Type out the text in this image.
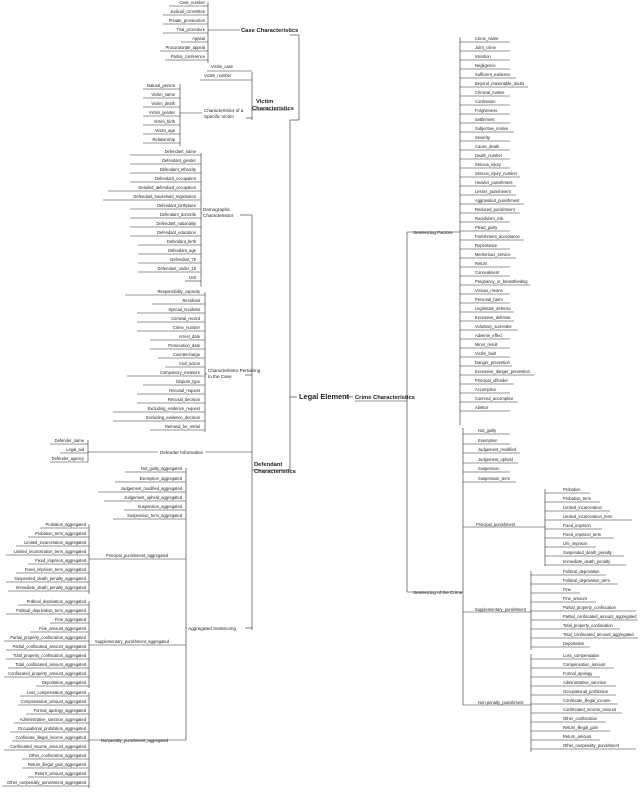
Legal Element
Case Characteristics
Case_number
Judicial_committee
Private_prosecution
Trial_procedure
Appeal
Procuratorate_appeal
Partial_conference
Victim
Characteristics
Victim_case
Victim_number
Characteristics of a
Specific Victim
Natural_person
Victim_name
Victim_death
Victim_gender
Victim_birth
Victim_age
Relationship
Defendant
Characteristics
Demographic
Characteristics
Defendant_name
Defendant_gender
Defendant_ethnicity
Defendant_occupation
Detailed_defendant_occupation
Defendant_household_registration
Defendant_birthplace
Defendant_domicile
Defendant_nationality
Defendant_education
Defendant_birth
Defendant_age
Defendant_75
Defendant_under_18
Unit
Characteristics Pertaining
to the Case
Responsibility_capacity
Recidivist
Special_recidivist
Criminal_record
Crime_number
Arrest_date
Prosecution_date
Countercharge
Civil_action
Compulsory_measure
Dispute_type
Recusal_request
Recusal_decision
Excluding_evidence_request
Excluding_evidence_decision
Remand_for_retrial
Defender Information
Defender_name
Legal_aid
Defender_agency
Aggregated Sentencing
Not_guilty_aggregated
Exemption_aggregated
Judgement_modified_aggregated
Judgement_upheld_aggregated
Suspension_aggregated
Suspension_term_aggregated
Principal_punishment_aggregated
Probation_aggregated
Probation_term_aggregated
Limited_incarceration_aggregated
Limited_incarceration_term_aggregated
Fixed_imprison_aggregated
Fixed_imprison_term_aggregated
Suspended_death_penalty_aggregated
Immediate_death_penalty_aggregated
Supplementary_punishment_aggregated
Political_deprivation_aggregated
Political_deprivation_term_aggregated
Fine_aggregated
Fine_amount_aggregated
Partial_property_confiscation_aggregated
Partial_confiscated_amount_aggregated
Total_property_confiscation_aggregated
Total_confiscated_amount_aggregated
Confiscated_property_amount_aggregated
Deportation_aggregated
Nonpenalty_punishment_aggregated
Loss_compensation_aggregated
Compensation_amount_aggregated
Formal_apology_aggregated
Administrative_sanction_aggregated
Occupational_prohibition_aggregated
Confiscate_illegal_income_aggregated
Confiscated_income_amount_aggregated
Other_confiscation_aggregated
Return_illegal_gain_aggregated
Return_amount_aggregated
Other_nonpenalty_punishment_aggregated
Crime Characteristics
Sentencing Factors
Crime_name
Joint_crime
Intention
Negligence
Sufficient_evidence
Beyond_reasonable_doubt
Criminal_motive
Confession
Forgiveness
Settlement
Subjective_motive
Severity
Cause_death
Death_number
Serious_injury
Serious_injury_number
Heavier_punishment
Lesser_punishment
Aggravated_punishment
Reduced_punishment
Recidivism_risk
Plead_guilty
Punishment_acceptance
Repentance
Meritorious_service
Return
Concealment
Pregnancy_or_breastfeeding
Vicious_means
Personal_harm
Legitimate_defense
Excessive_defense
Voluntary_surrender
Adverse_effect
Minor_result
Victim_fault
Danger_prevention
Excessive_danger_prevention
Principal_offender
Accomplice
Coerced_accomplice
Abettor
Sentencing of the Crime
Not_guilty
Exemption
Judgement_modified
Judgement_upheld
Suspension
Suspension_term
Principal_punishment
Probation
Probation_term
Limited_incarceration
Limited_incarceration_term
Fixed_imprison
Fixed_imprison_term
Life_imprison
Suspended_death_penalty
Immediate_death_penalty
Supplementary_punishment
Political_deprivation
Political_deprivation_term
Fine
Fine_amount
Partial_property_confiscation
Partial_confiscated_amount_aggregated
Total_property_confiscation
Total_confiscated_amount_aggregated
Deportation
Non-penalty_punishment
Loss_compensation
Compensation_amount
Formal_apology
Administrative_sanction
Occupational_prohibition
Confiscate_illegal_income
Confiscated_income_amount
Other_confiscation
Return_illegal_gain
Return_amount
Other_nonpenalty_punishment
